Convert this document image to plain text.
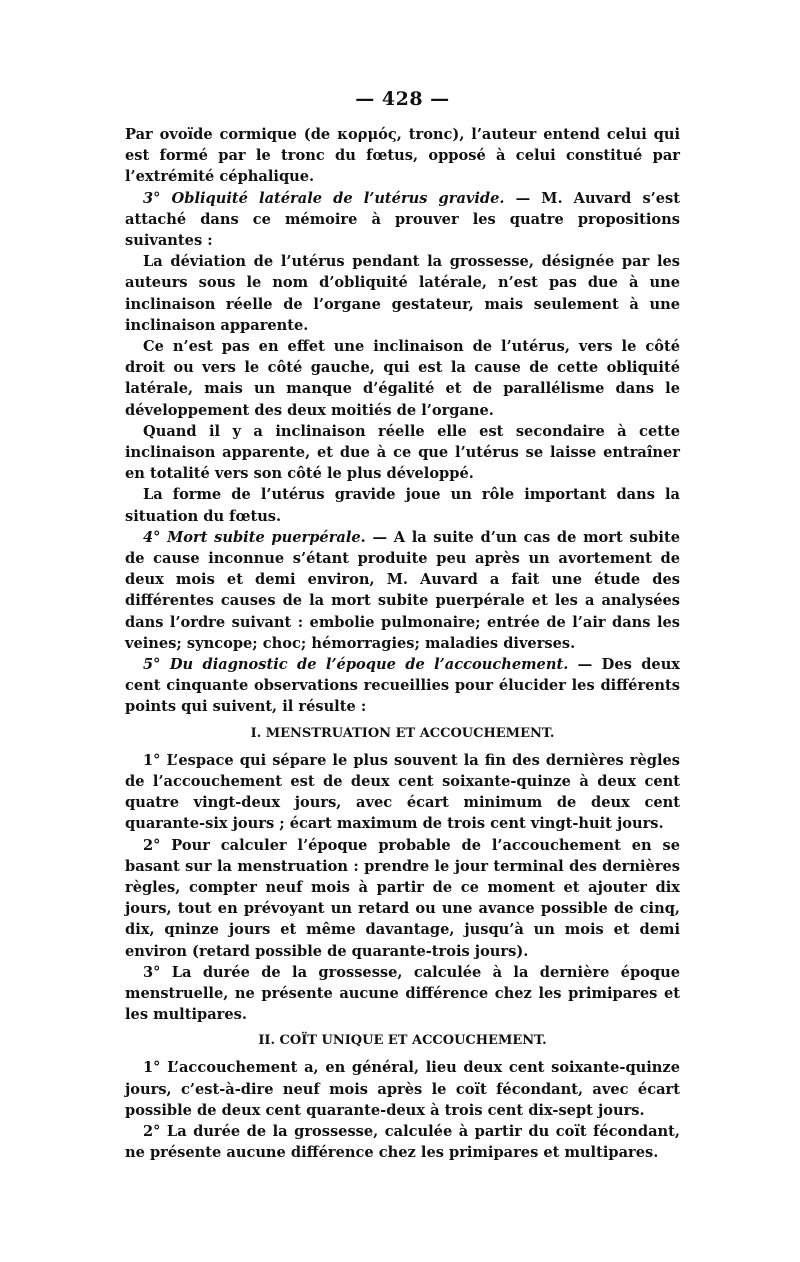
— 428 —

Par ovoïde cormique (de κορμός, tronc), l’auteur entend celui qui est formé par le tronc du fœtus, opposé à celui constitué par l’extrémité céphalique.

3° Obliquité latérale de l’utérus gravide. — M. Auvard s’est attaché dans ce mémoire à prouver les quatre propositions suivantes :

La déviation de l’utérus pendant la grossesse, désignée par les auteurs sous le nom d’obliquité latérale, n’est pas due à une inclinaison réelle de l’organe gestateur, mais seulement à une inclinaison apparente.

Ce n’est pas en effet une inclinaison de l’utérus, vers le côté droit ou vers le côté gauche, qui est la cause de cette obliquité latérale, mais un manque d’égalité et de parallélisme dans le développement des deux moitiés de l’organe.

Quand il y a inclinaison réelle elle est secondaire à cette inclinaison apparente, et due à ce que l’utérus se laisse entraîner en totalité vers son côté le plus développé.

La forme de l’utérus gravide joue un rôle important dans la situation du fœtus.

4° Mort subite puerpérale. — A la suite d’un cas de mort subite de cause inconnue s’étant produite peu après un avortement de deux mois et demi environ, M. Auvard a fait une étude des différentes causes de la mort subite puerpérale et les a analysées dans l’ordre suivant : embolie pulmonaire; entrée de l’air dans les veines; syncope; choc; hémorragies; maladies diverses.

5° Du diagnostic de l’époque de l’accouchement. — Des deux cent cinquante observations recueillies pour élucider les différents points qui suivent, il résulte :

I. MENSTRUATION ET ACCOUCHEMENT.

1° L’espace qui sépare le plus souvent la fin des dernières règles de l’accouchement est de deux cent soixante-quinze à deux cent quatre vingt-deux jours, avec écart minimum de deux cent quarante-six jours ; écart maximum de trois cent vingt-huit jours.

2° Pour calculer l’époque probable de l’accouchement en se basant sur la menstruation : prendre le jour terminal des dernières règles, compter neuf mois à partir de ce moment et ajouter dix jours, tout en prévoyant un retard ou une avance possible de cinq, dix, qninze jours et même davantage, jusqu’à un mois et demi environ (retard possible de quarante-trois jours).

3° La durée de la grossesse, calculée à la dernière époque menstruelle, ne présente aucune différence chez les primipares et les multipares.

II. COÏT UNIQUE ET ACCOUCHEMENT.

1° L’accouchement a, en général, lieu deux cent soixante-quinze jours, c’est-à-dire neuf mois après le coït fécondant, avec écart possible de deux cent quarante-deux à trois cent dix-sept jours.

2° La durée de la grossesse, calculée à partir du coït fécondant, ne présente aucune différence chez les primipares et multipares.
